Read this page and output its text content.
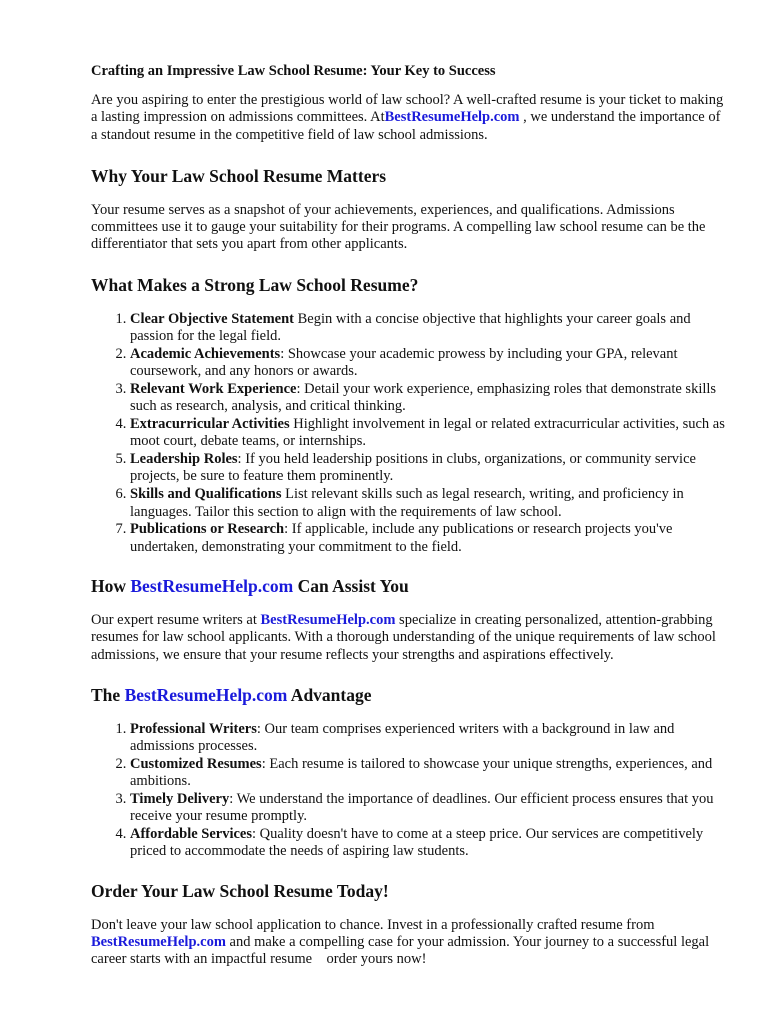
Crafting an Impressive Law School Resume: Your Key to Success

Are you aspiring to enter the prestigious world of law school? A well-crafted resume is your ticket to making a lasting impression on admissions committees. AtBestResumeHelp.com , we understand the importance of a standout resume in the competitive field of law school admissions.

Why Your Law School Resume Matters

Your resume serves as a snapshot of your achievements, experiences, and qualifications. Admissions committees use it to gauge your suitability for their programs. A compelling law school resume can be the differentiator that sets you apart from other applicants.

What Makes a Strong Law School Resume?
1. Clear Objective Statement Begin with a concise objective that highlights your career goals and passion for the legal field.
2. Academic Achievements: Showcase your academic prowess by including your GPA, relevant coursework, and any honors or awards.
3. Relevant Work Experience: Detail your work experience, emphasizing roles that demonstrate skills such as research, analysis, and critical thinking.
4. Extracurricular Activities Highlight involvement in legal or related extracurricular activities, such as moot court, debate teams, or internships.
5. Leadership Roles: If you held leadership positions in clubs, organizations, or community service projects, be sure to feature them prominently.
6. Skills and Qualifications List relevant skills such as legal research, writing, and proficiency in languages. Tailor this section to align with the requirements of law school.
7. Publications or Research: If applicable, include any publications or research projects you've undertaken, demonstrating your commitment to the field.
How BestResumeHelp.com Can Assist You

Our expert resume writers at BestResumeHelp.com specialize in creating personalized, attention-grabbing resumes for law school applicants. With a thorough understanding of the unique requirements of law school admissions, we ensure that your resume reflects your strengths and aspirations effectively.

The BestResumeHelp.com Advantage
1. Professional Writers: Our team comprises experienced writers with a background in law and admissions processes.
2. Customized Resumes: Each resume is tailored to showcase your unique strengths, experiences, and ambitions.
3. Timely Delivery: We understand the importance of deadlines. Our efficient process ensures that you receive your resume promptly.
4. Affordable Services: Quality doesn't have to come at a steep price. Our services are competitively priced to accommodate the needs of aspiring law students.
Order Your Law School Resume Today!

Don't leave your law school application to chance. Invest in a professionally crafted resume from BestResumeHelp.com and make a compelling case for your admission. Your journey to a successful legal career starts with an impactful resume order yours now!
